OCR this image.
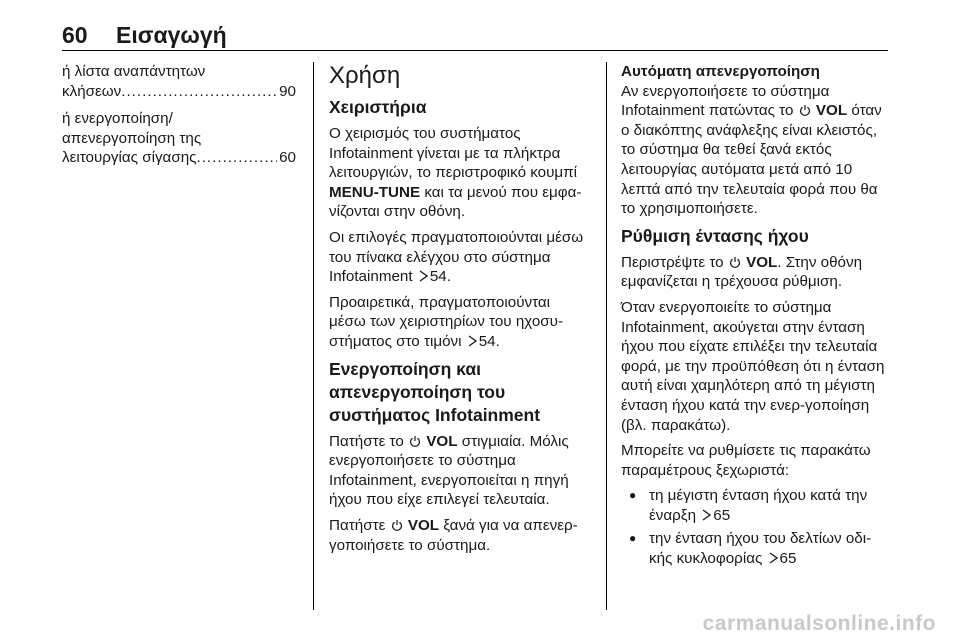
60 Εισαγωγή
ή λίστα αναπάντητων
κλήσεων .....	90
ή ενεργοποίηση/
απενεργοποίηση της
λειτουργίας σίγασης .....	60
Χρήση
Χειριστήρια

Ο χειρισμός του συστήματος Infotainment γίνεται με τα πλήκτρα λειτουργιών, το περιστροφικό κουμπί MENU-TUNE και τα μενού που εμφα-νίζονται στην οθόνη.

Οι επιλογές πραγματοποιούνται μέσω του πίνακα ελέγχου στο σύστημα Infotainment 54.

Προαιρετικά, πραγματοποιούνται μέσω των χειριστηρίων του ηχοσυ-στήματος στο τιμόνι 54.

Ενεργοποίηση και απενεργοποίηση του συστήματος Infotainment

Πατήστε το VOL στιγμιαία. Μόλις ενεργοποιήσετε το σύστημα Infotainment, ενεργοποιείται η πηγή ήχου που είχε επιλεγεί τελευταία.

Πατήστε VOL ξανά για να απενερ-γοποιήσετε το σύστημα.

Αυτόματη απενεργοποίηση

Αν ενεργοποιήσετε το σύστημα Infotainment πατώντας το VOL όταν ο διακόπτης ανάφλεξης είναι κλειστός, το σύστημα θα τεθεί ξανά εκτός λειτουργίας αυτόματα μετά από 10 λεπτά από την τελευταία φορά που θα το χρησιμοποιήσετε.

Ρύθμιση έντασης ήχου

Περιστρέψτε το VOL. Στην οθόνη εμφανίζεται η τρέχουσα ρύθμιση.

Όταν ενεργοποιείτε το σύστημα Infotainment, ακούγεται στην ένταση ήχου που είχατε επιλέξει την τελευταία φορά, με την προϋπόθεση ότι η ένταση αυτή είναι χαμηλότερη από τη μέγιστη ένταση ήχου κατά την ενερ-γοποίηση (βλ. παρακάτω).

Μπορείτε να ρυθμίσετε τις παρακάτω παραμέτρους ξεχωριστά:

● τη μέγιστη ένταση ήχου κατά την έναρξη 65
● την ένταση ήχου του δελτίων οδι-κής κυκλοφορίας 65
carmanualsonline.info
